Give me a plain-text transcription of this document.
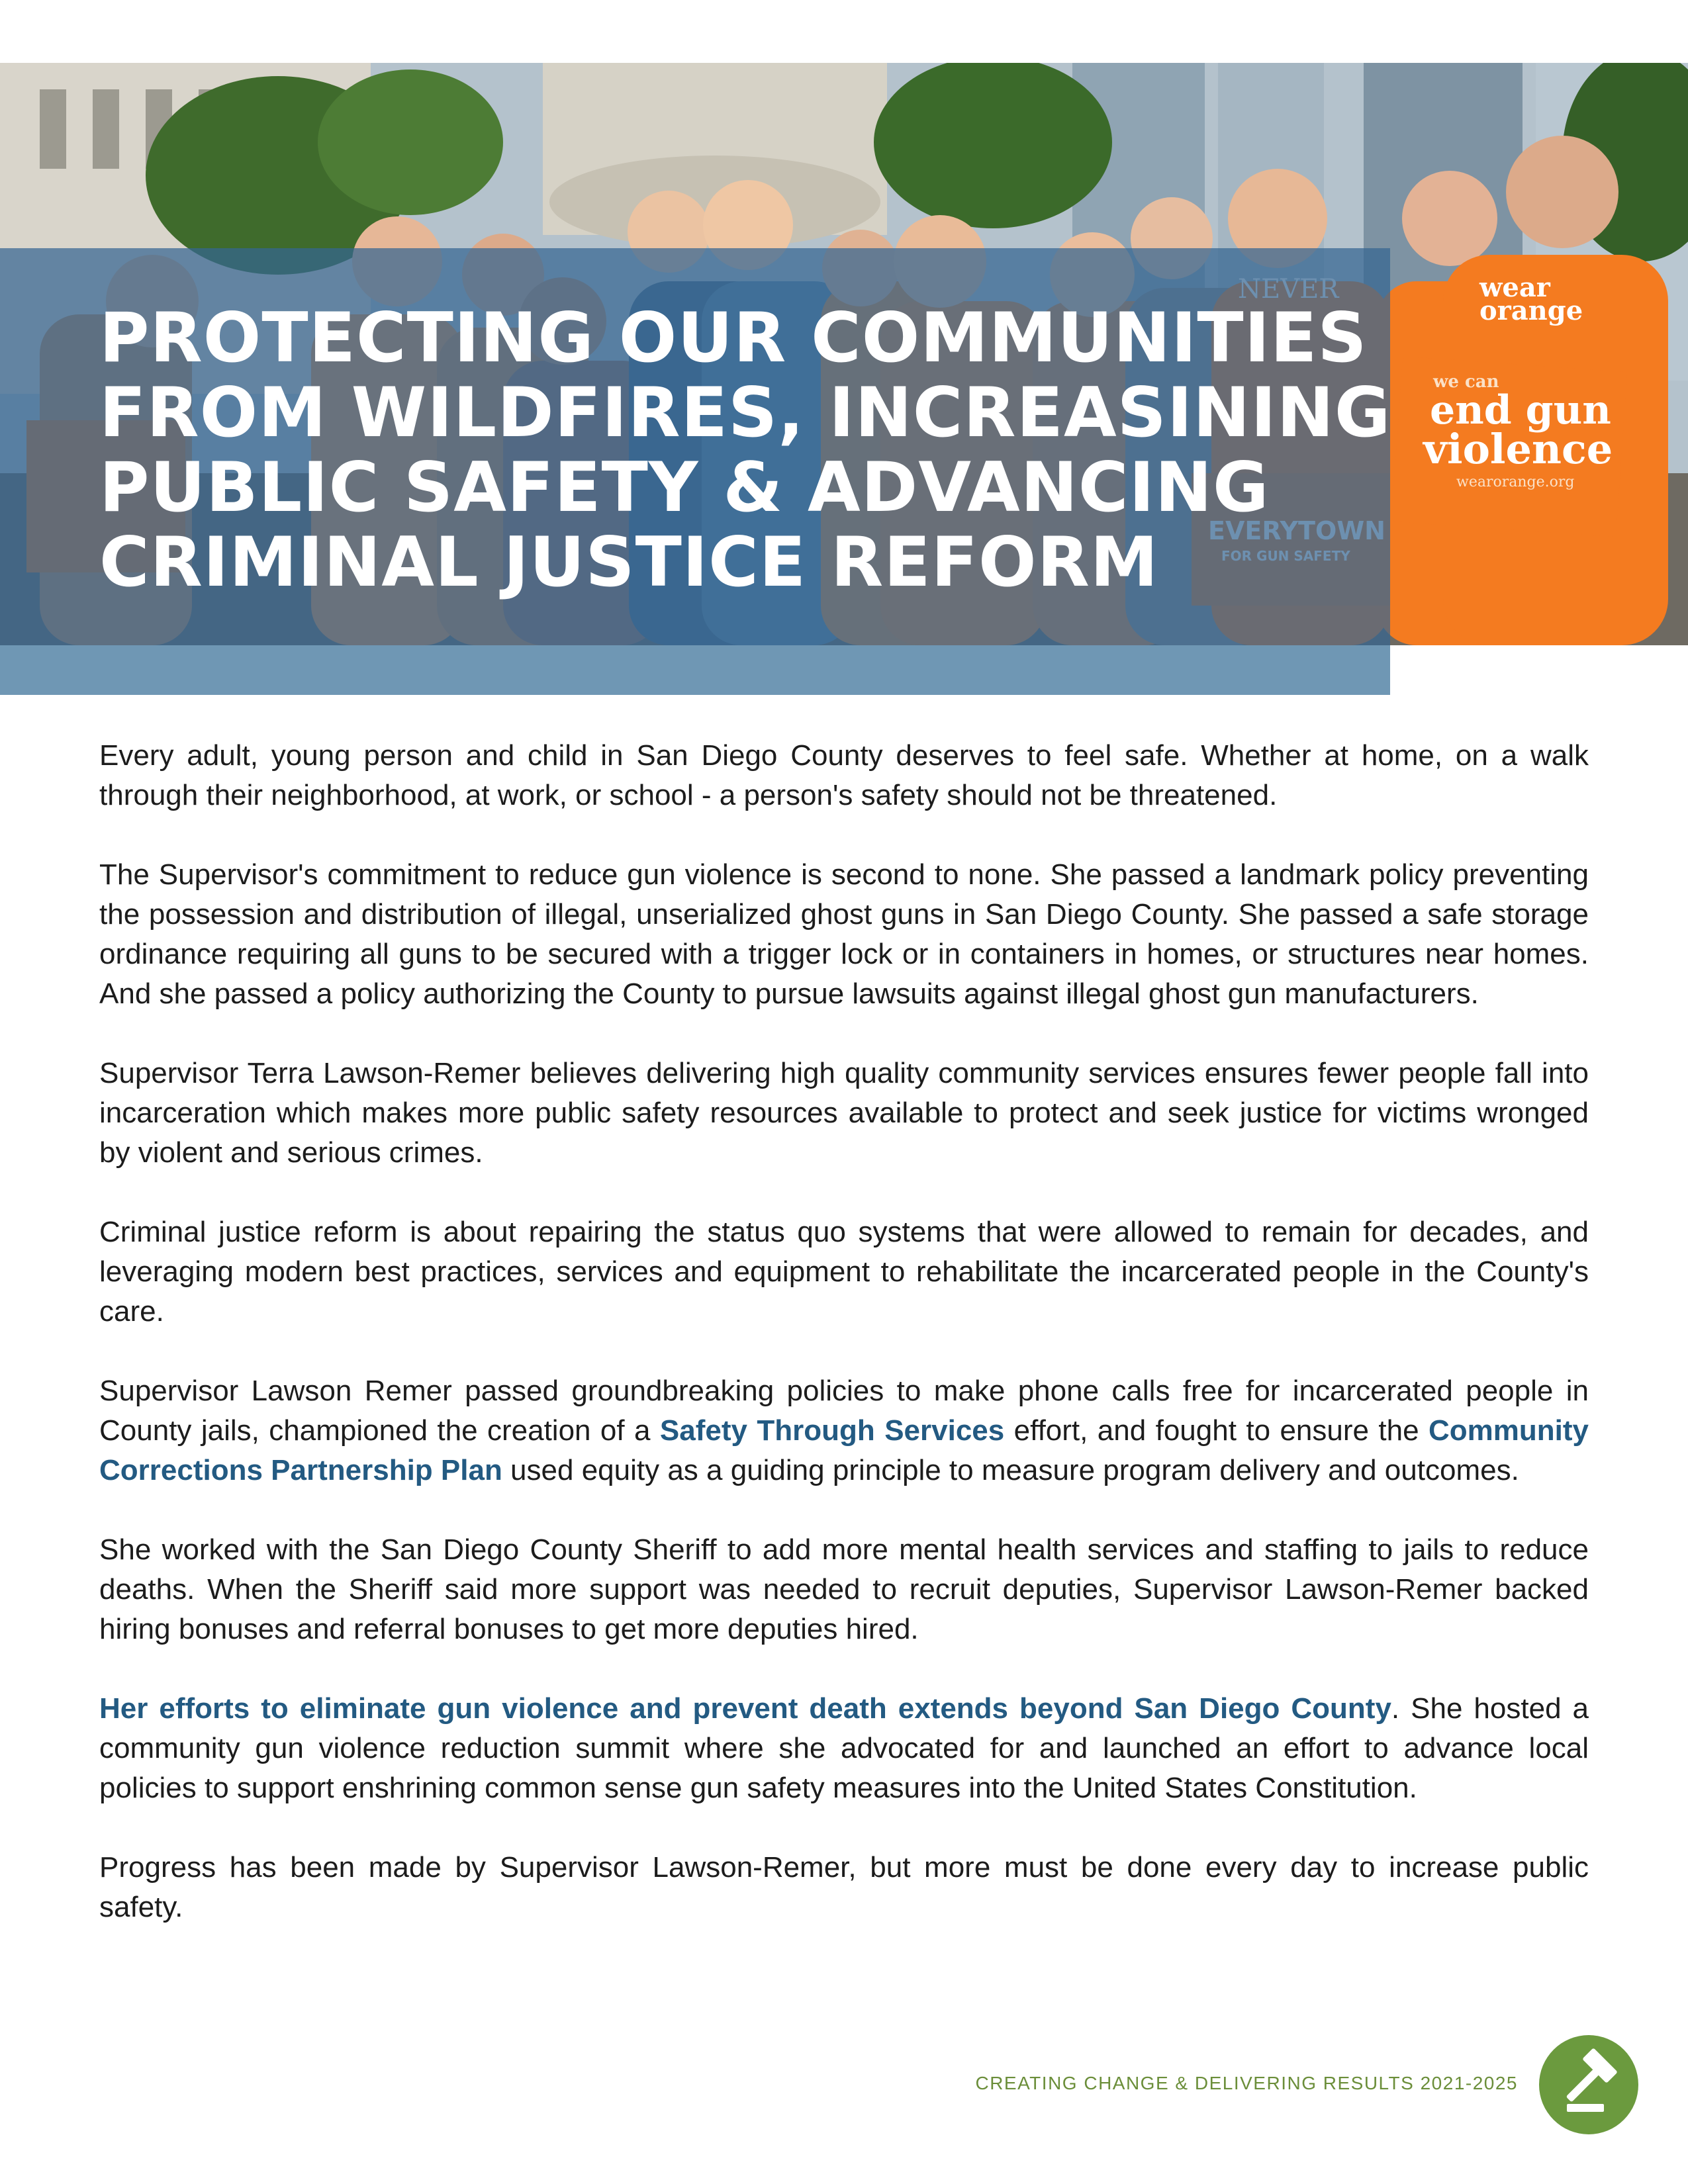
we can
end gun
violence
wearorange.org
wear
orange
PROTECTING OUR COMMUNITIES
FROM WILDFIRES, INCREASINING
PUBLIC SAFETY & ADVANCING
CRIMINAL JUSTICE REFORM

Every adult, young person and child in San Diego County deserves to feel safe. Whether at home, on a walk through their neighborhood, at work, or school - a person's safety should not be threatened.

The Supervisor's commitment to reduce gun violence is second to none. She passed a landmark policy preventing the possession and distribution of illegal, unserialized ghost guns in San Diego County. She passed a safe storage ordinance requiring all guns to be secured with a trigger lock or in containers in homes, or structures near homes. And she passed a policy authorizing the County to pursue lawsuits against illegal ghost gun manufacturers.

Supervisor Terra Lawson-Remer believes delivering high quality community services ensures fewer people fall into incarceration which makes more public safety resources available to protect and seek justice for victims wronged by violent and serious crimes.

Criminal justice reform is about repairing the status quo systems that were allowed to remain for decades, and leveraging modern best practices, services and equipment to rehabilitate the incarcerated people in the County's care.

Supervisor Lawson Remer passed groundbreaking policies to make phone calls free for incarcerated people in County jails, championed the creation of a Safety Through Services effort, and fought to ensure the Community Corrections Partnership Plan used equity as a guiding principle to measure program delivery and outcomes.

She worked with the San Diego County Sheriff to add more mental health services and staffing to jails to reduce deaths. When the Sheriff said more support was needed to recruit deputies, Supervisor Lawson-Remer backed hiring bonuses and referral bonuses to get more deputies hired.

Her efforts to eliminate gun violence and prevent death extends beyond San Diego County. She hosted a community gun violence reduction summit where she advocated for and launched an effort to advance local policies to support enshrining common sense gun safety measures into the United States Constitution.

Progress has been made by Supervisor Lawson-Remer, but more must be done every day to increase public safety.

CREATING CHANGE & DELIVERING RESULTS 2021-2025
